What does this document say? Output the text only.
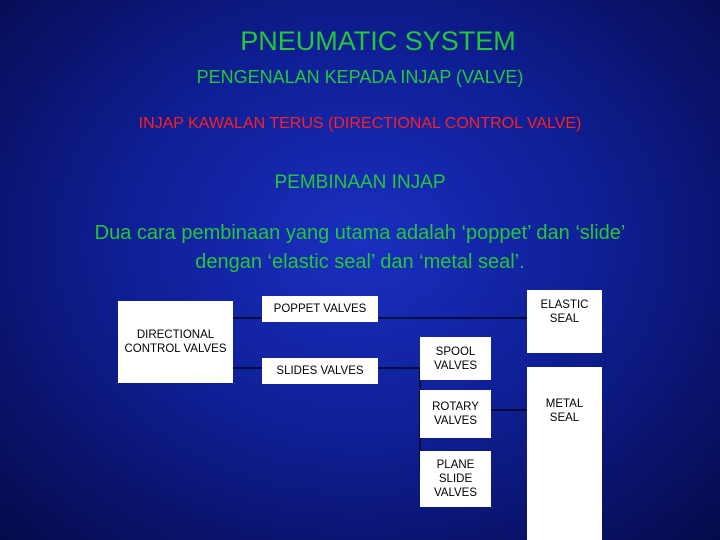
PNEUMATIC SYSTEM
PENGENALAN KEPADA INJAP (VALVE)
INJAP KAWALAN TERUS (DIRECTIONAL CONTROL VALVE)
PEMBINAAN INJAP
Dua cara pembinaan yang utama adalah ‘poppet’ dan ‘slide’
dengan ‘elastic seal’ dan ‘metal seal’.
DIRECTIONAL CONTROL VALVES
POPPET VALVES
SLIDES VALVES
ELASTIC SEAL
SPOOL VALVES
ROTARY VALVES
PLANE SLIDE VALVES
METAL SEAL
